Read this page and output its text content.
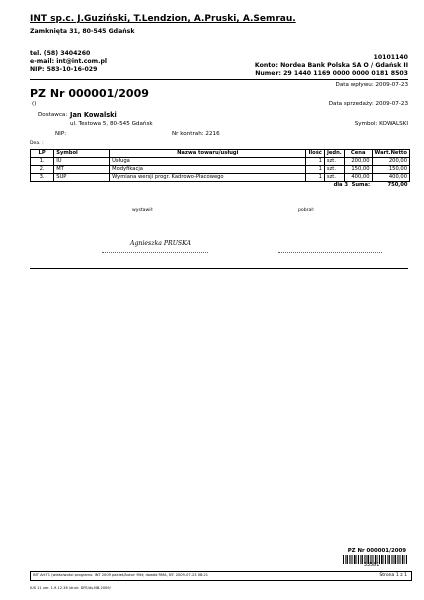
INT sp.c. J.Guziński, T.Lendzion, A.Pruski, A.Semrau.
Zamknięta 31, 80-545 Gdańsk
tel. (58) 3404260
e-mail: int@int.com.pl
NIP: 583-10-16-029
10101140
Konto: Nordea Bank Polska SA O / Gdańsk II
Numer: 29 1440 1169 0000 0000 0181 8503
Data wpływu: 2009-07-23
PZ Nr 000001/2009
()	Data sprzedaży: 2009-07-23
Dostawca: Jan Kowalski
ul. Testowa 5, 80-545 Gdańsk	Symbol: KOWALSKI
NIP:	Nr kontrah: 2216
Dea. :
LP	Symbol	Nazwa towaru/usługi	Ilość	Jedn.	Cena	Wart.Netto
1.	IU	Usługa	1	szt.	200,00	200,00
2.	MT	Modyfikacja	1	szt.	150,00	150,00
3.	SUP	Wymiana wersji progr. Kadrowo-Płacowego	1	szt.	400,00	400,00
				dla 3 Suma:		750,00
wystawił:	pobrał:
Agnieszka PRUSKA
PZ Nr 000001/2009
33581
INT Art71 (właściwości programu: INT 2009 pakiet/Autor: Mkt; dowód RMA, NT: 2009-07-23 08:21	Strona 1 z 1
IUS 11 ver. 1.9.12.36 /druk: DFE/dv.NB.2009/
